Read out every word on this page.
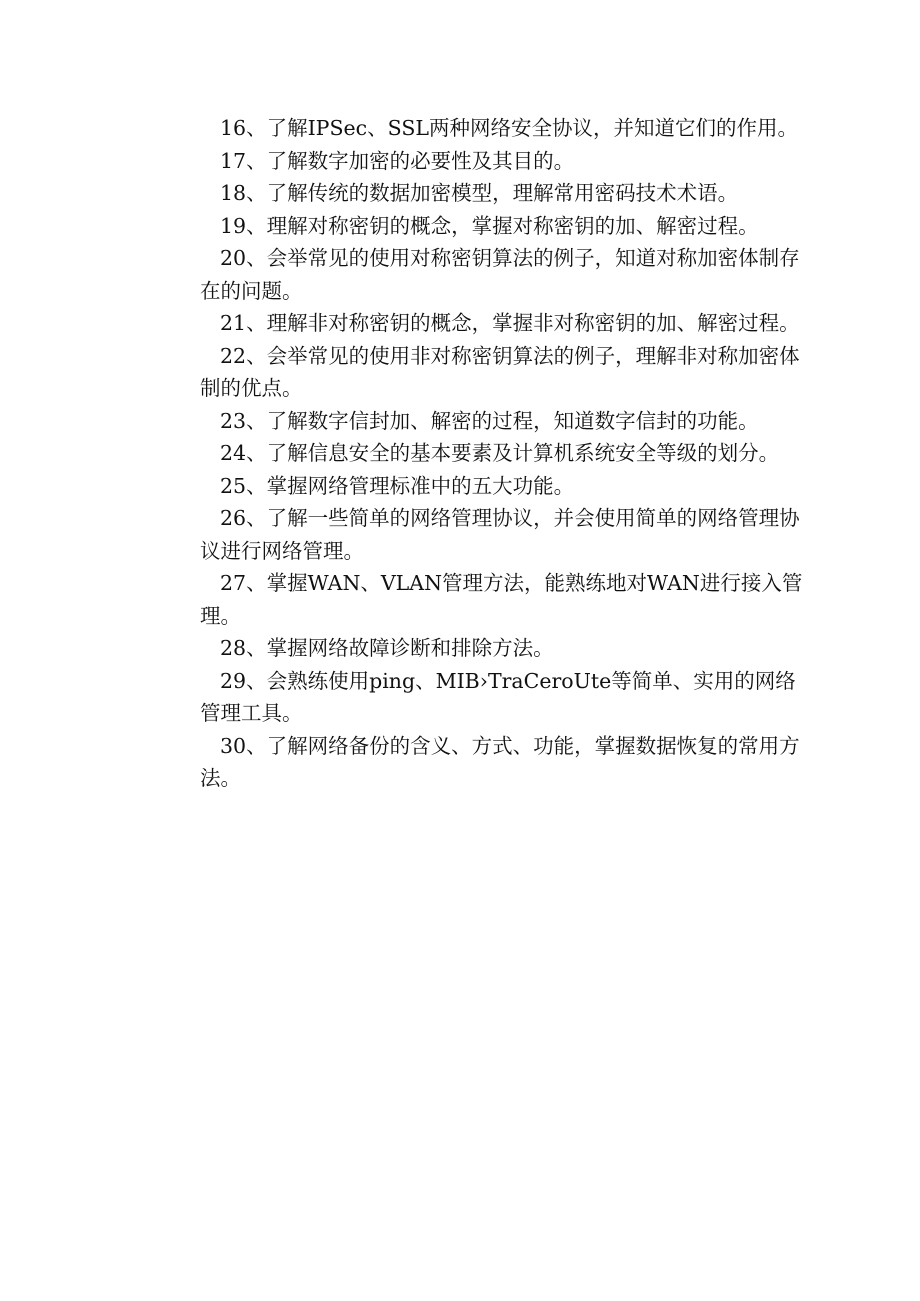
16、了解IPSec、SSL两种网络安全协议，并知道它们的作用。

17、了解数字加密的必要性及其目的。

18、了解传统的数据加密模型，理解常用密码技术术语。

19、理解对称密钥的概念，掌握对称密钥的加、解密过程。

20、会举常见的使用对称密钥算法的例子，知道对称加密体制存在的问题。

21、理解非对称密钥的概念，掌握非对称密钥的加、解密过程。

22、会举常见的使用非对称密钥算法的例子，理解非对称加密体制的优点。

23、了解数字信封加、解密的过程，知道数字信封的功能。

24、了解信息安全的基本要素及计算机系统安全等级的划分。

25、掌握网络管理标准中的五大功能。

26、了解一些简单的网络管理协议，并会使用简单的网络管理协议进行网络管理。

27、掌握WAN、VLAN管理方法，能熟练地对WAN进行接入管理。

28、掌握网络故障诊断和排除方法。

29、会熟练使用ping、MIB›TraCeroUte等简单、实用的网络管理工具。

30、了解网络备份的含义、方式、功能，掌握数据恢复的常用方法。
